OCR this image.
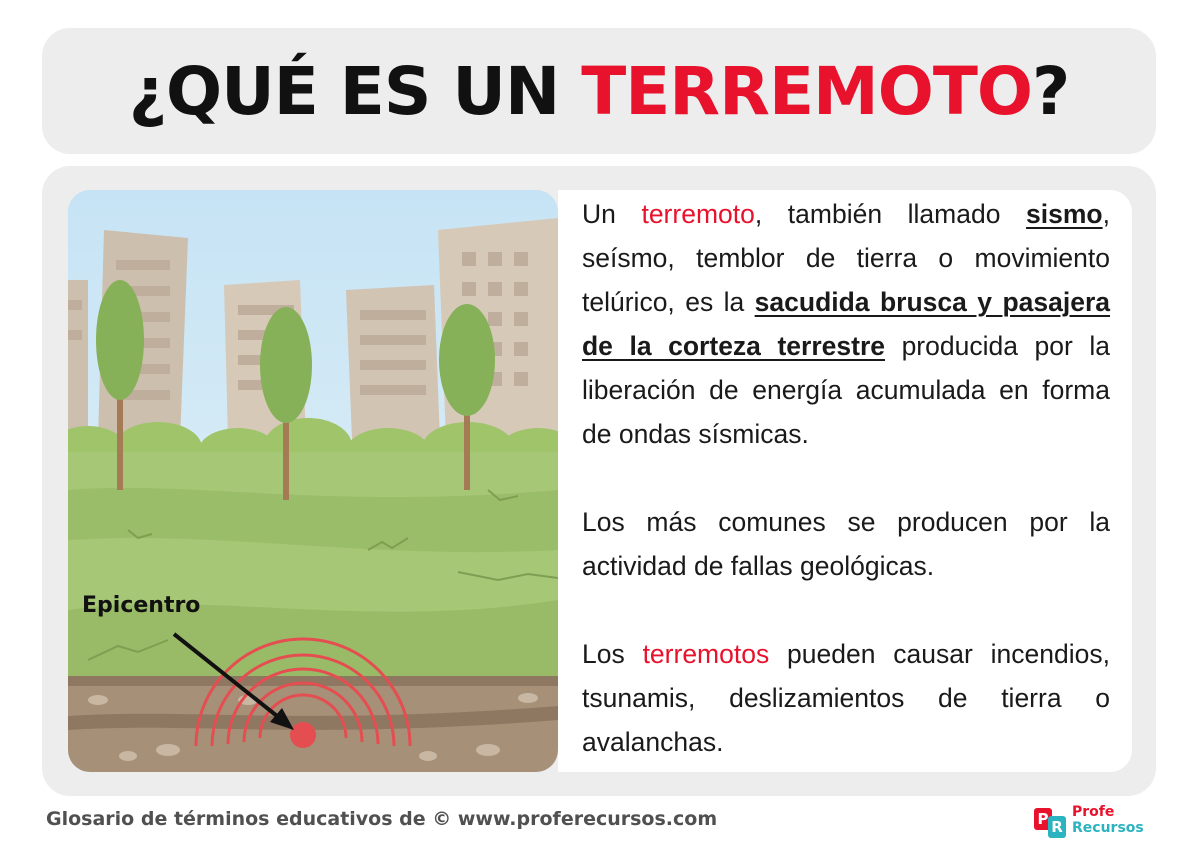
¿QUÉ ES UN TERREMOTO?
Epicentro

Un terremoto, también llamado sismo, seísmo, temblor de tierra o movimiento telúrico, es la sacudida brusca y pasajera de la corteza terrestre producida por la liberación de energía acumulada en forma de ondas sísmicas.

Los más comunes se producen por la actividad de fallas geológicas.

Los terremotos pueden causar incendios, tsunamis, deslizamientos de tierra o avalanchas.

Glosario de términos educativos de © www.proferecursos.com	P R
Profe
Recursos
